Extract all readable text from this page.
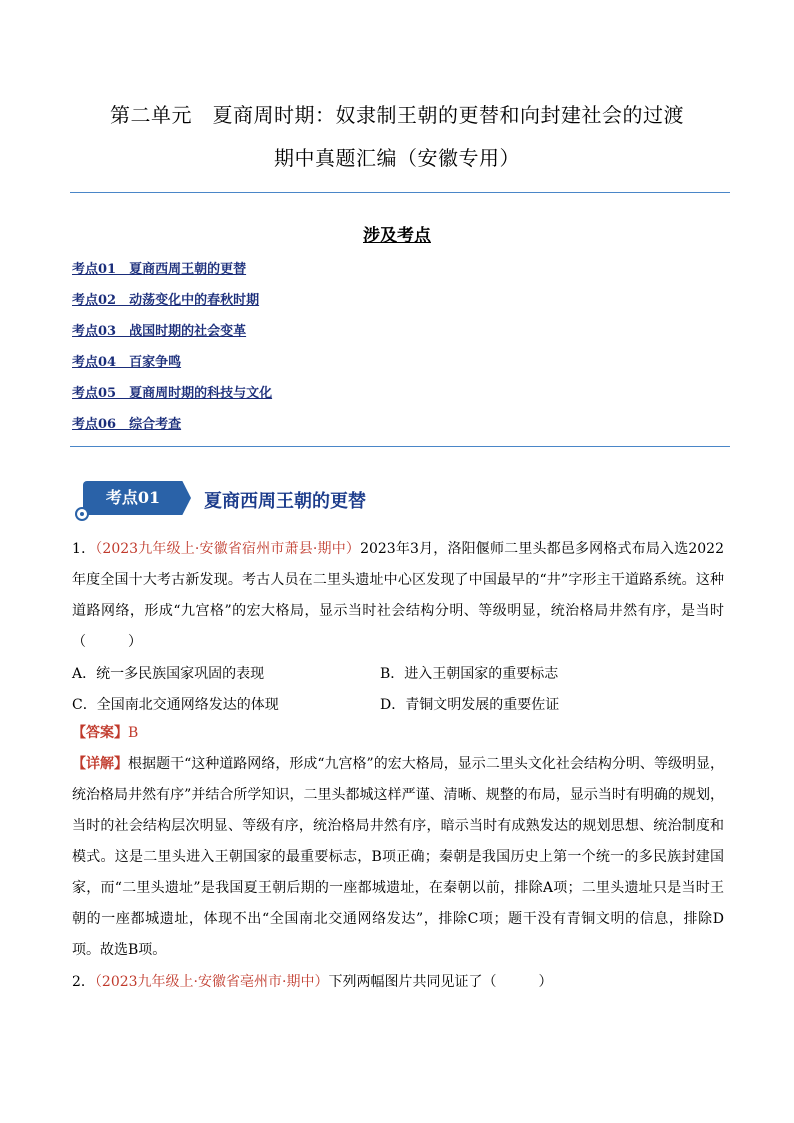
第二单元　夏商周时期：奴隶制王朝的更替和向封建社会的过渡
期中真题汇编（安徽专用）
涉及考点
考点01　夏商西周王朝的更替
考点02　动荡变化中的春秋时期
考点03　战国时期的社会变革
考点04　百家争鸣
考点05　夏商周时期的科技与文化
考点06　综合考查
考点01	夏商西周王朝的更替
1．（2023九年级上·安徽省宿州市萧县·期中）2023年3月，洛阳偃师二里头都邑多网格式布局入选2022年度全国十大考古新发现。考古人员在二里头遗址中心区发现了中国最早的“井”字形主干道路系统。这种道路网络，形成“九宫格”的宏大格局，显示当时社会结构分明、等级明显，统治格局井然有序，是当时（　　　）
A．统一多民族国家巩固的表现	B．进入王朝国家的重要标志
C．全国南北交通网络发达的体现	D．青铜文明发展的重要佐证
【答案】B
【详解】根据题干“这种道路网络，形成“九宫格”的宏大格局，显示二里头文化社会结构分明、等级明显，统治格局井然有序”并结合所学知识，二里头都城这样严谨、清晰、规整的布局，显示当时有明确的规划，当时的社会结构层次明显、等级有序，统治格局井然有序，暗示当时有成熟发达的规划思想、统治制度和模式。这是二里头进入王朝国家的最重要标志，B项正确；秦朝是我国历史上第一个统一的多民族封建国家，而“二里头遗址”是我国夏王朝后期的一座都城遗址，在秦朝以前，排除A项；二里头遗址只是当时王朝的一座都城遗址，体现不出“全国南北交通网络发达”，排除C项；题干没有青铜文明的信息，排除D项。故选B项。
2．（2023九年级上·安徽省亳州市·期中）下列两幅图片共同见证了（　　　）
